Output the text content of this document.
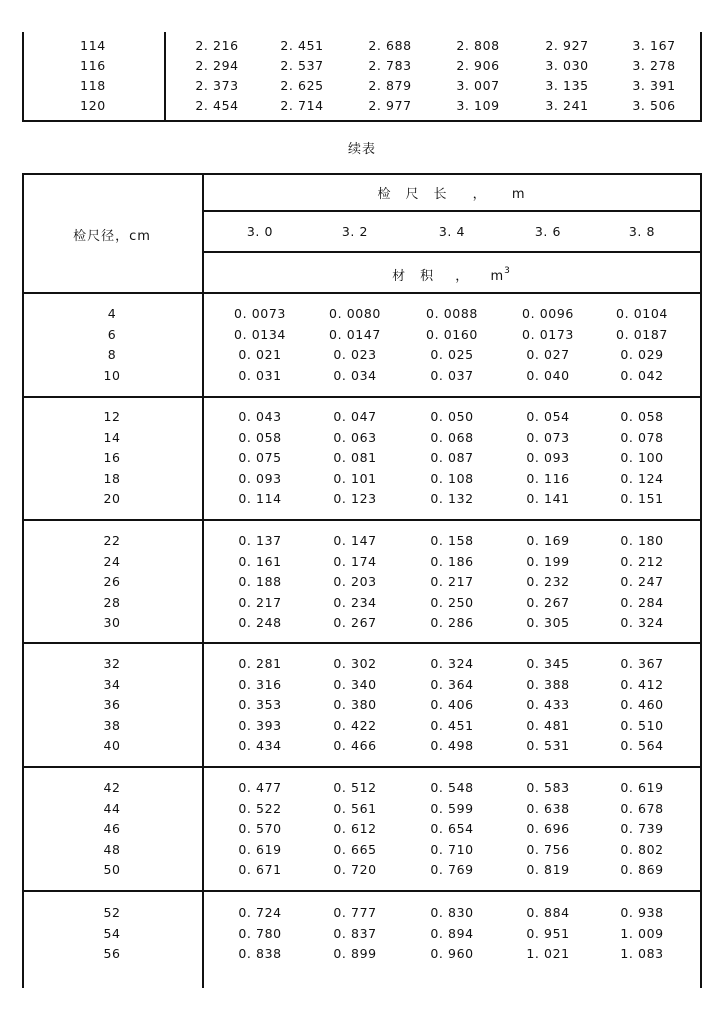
114	2. 216	2. 451	2. 688	2. 808	2. 927	3. 167
116	2. 294	2. 537	2. 783	2. 906	3. 030	3. 278
118	2. 373	2. 625	2. 879	3. 007	3. 135	3. 391
120	2. 454	2. 714	2. 977	3. 109	3. 241	3. 506
续表
检尺径，cm
检　尺　长 ， m
3. 0	3. 2	3. 4	3. 6	3. 8
材　积 ， $m^3$
4	0. 0073	0. 0080	0. 0088	0. 0096	0. 0104
6	0. 0134	0. 0147	0. 0160	0. 0173	0. 0187
8	0. 021	0. 023	0. 025	0. 027	0. 029
10	0. 031	0. 034	0. 037	0. 040	0. 042
12	0. 043	0. 047	0. 050	0. 054	0. 058
14	0. 058	0. 063	0. 068	0. 073	0. 078
16	0. 075	0. 081	0. 087	0. 093	0. 100
18	0. 093	0. 101	0. 108	0. 116	0. 124
20	0. 114	0. 123	0. 132	0. 141	0. 151
22	0. 137	0. 147	0. 158	0. 169	0. 180
24	0. 161	0. 174	0. 186	0. 199	0. 212
26	0. 188	0. 203	0. 217	0. 232	0. 247
28	0. 217	0. 234	0. 250	0. 267	0. 284
30	0. 248	0. 267	0. 286	0. 305	0. 324
32	0. 281	0. 302	0. 324	0. 345	0. 367
34	0. 316	0. 340	0. 364	0. 388	0. 412
36	0. 353	0. 380	0. 406	0. 433	0. 460
38	0. 393	0. 422	0. 451	0. 481	0. 510
40	0. 434	0. 466	0. 498	0. 531	0. 564
42	0. 477	0. 512	0. 548	0. 583	0. 619
44	0. 522	0. 561	0. 599	0. 638	0. 678
46	0. 570	0. 612	0. 654	0. 696	0. 739
48	0. 619	0. 665	0. 710	0. 756	0. 802
50	0. 671	0. 720	0. 769	0. 819	0. 869
52	0. 724	0. 777	0. 830	0. 884	0. 938
54	0. 780	0. 837	0. 894	0. 951	1. 009
56	0. 838	0. 899	0. 960	1. 021	1. 083
